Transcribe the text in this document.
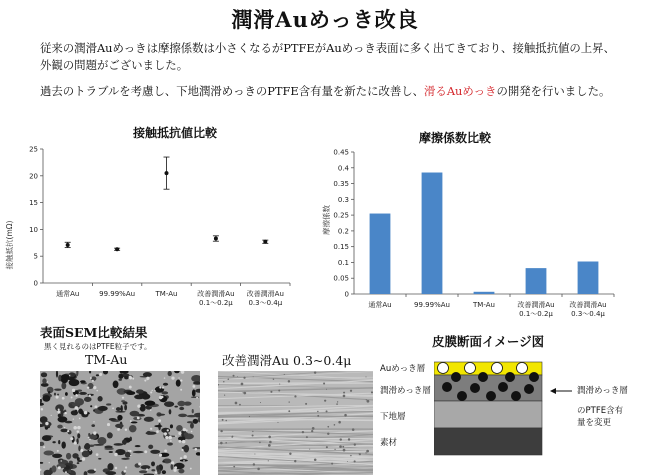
潤滑Auめっき改良
従来の潤滑Auめっきは摩擦係数は小さくなるがPTFEがAuめっき表面に多く出てきており、接触抵抗値の上昇、外観の問題がございました。
過去のトラブルを考慮し、下地潤滑めっきのPTFE含有量を新たに改善し、滑るAuめっきの開発を行いました。
接触抵抗値比較
接触抵抗(mΩ)
0
5
10
15
20
25
通常Au	99.99%Au	TM-Au	改善潤滑Au 0.1〜0.2μ
改善潤滑Au 0.3〜0.4μ
摩擦係数比較
摩擦係数
0
0.05
0.1
0.15
0.2
0.25
0.3
0.35
0.4
0.45
通常Au	99.99%Au	TM-Au	改善潤滑Au 0.1〜0.2μ
改善潤滑Au 0.3〜0.4μ
表面SEM比較結果
黒く見れるのはPTFE粒子です。
TM-Au	改善潤滑Au 0.3~0.4μ
皮膜断面イメージ図
Auめっき層
潤滑めっき層
下地層
素材
潤滑めっき層
のPTFE含有量を変更
